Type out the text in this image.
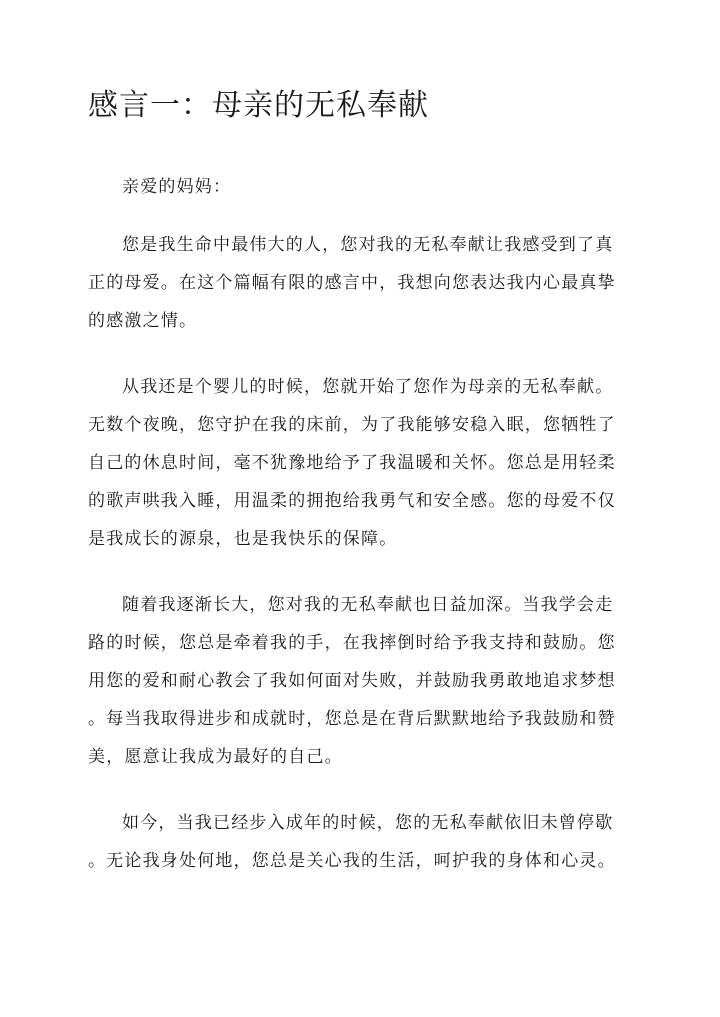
感言一：母亲的无私奉献

亲爱的妈妈：

您是我生命中最伟大的人，您对我的无私奉献让我感受到了真
正的母爱。在这个篇幅有限的感言中，我想向您表达我内心最真挚
的感激之情。

从我还是个婴儿的时候，您就开始了您作为母亲的无私奉献。
无数个夜晚，您守护在我的床前，为了我能够安稳入眠，您牺牲了
自己的休息时间，毫不犹豫地给予了我温暖和关怀。您总是用轻柔
的歌声哄我入睡，用温柔的拥抱给我勇气和安全感。您的母爱不仅
是我成长的源泉，也是我快乐的保障。

随着我逐渐长大，您对我的无私奉献也日益加深。当我学会走
路的时候，您总是牵着我的手，在我摔倒时给予我支持和鼓励。您
用您的爱和耐心教会了我如何面对失败，并鼓励我勇敢地追求梦想
。每当我取得进步和成就时，您总是在背后默默地给予我鼓励和赞
美，愿意让我成为最好的自己。

如今，当我已经步入成年的时候，您的无私奉献依旧未曾停歇
。无论我身处何地，您总是关心我的生活，呵护我的身体和心灵。
